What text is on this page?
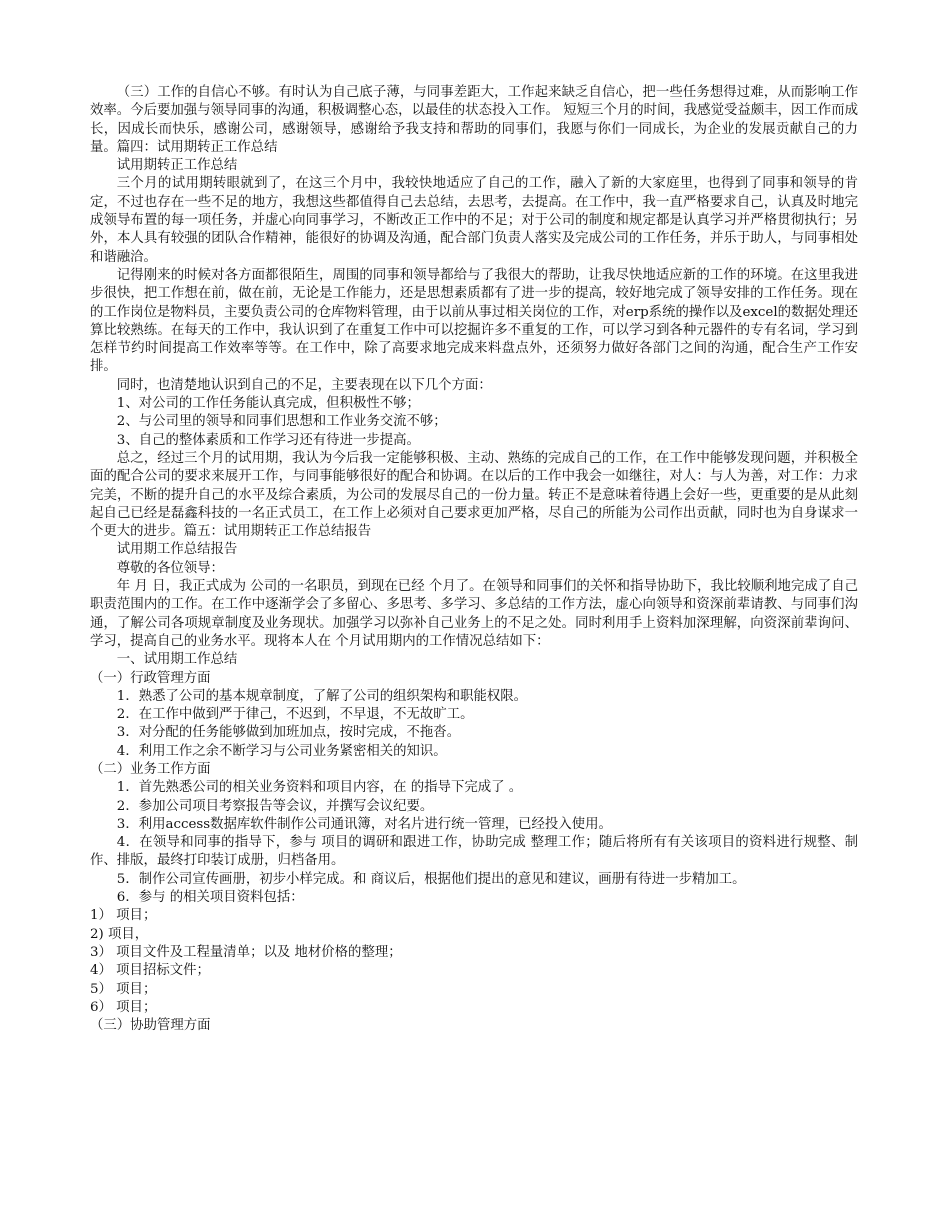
（三）工作的自信心不够。有时认为自己底子薄，与同事差距大，工作起来缺乏自信心，把一些任务想得过难，从而影响工作效率。今后要加强与领导同事的沟通，积极调整心态，以最佳的状态投入工作。 短短三个月的时间，我感觉受益颇丰，因工作而成长，因成长而快乐，感谢公司，感谢领导，感谢给予我支持和帮助的同事们，我愿与你们一同成长，为企业的发展贡献自己的力量。篇四：试用期转正工作总结

试用期转正工作总结

三个月的试用期转眼就到了，在这三个月中，我较快地适应了自己的工作，融入了新的大家庭里，也得到了同事和领导的肯定，不过也存在一些不足的地方，我想这些都值得自己去总结，去思考，去提高。在工作中，我一直严格要求自己，认真及时地完成领导布置的每一项任务，并虚心向同事学习，不断改正工作中的不足；对于公司的制度和规定都是认真学习并严格贯彻执行；另外，本人具有较强的团队合作精神，能很好的协调及沟通，配合部门负责人落实及完成公司的工作任务，并乐于助人，与同事相处和谐融洽。

记得刚来的时候对各方面都很陌生，周围的同事和领导都给与了我很大的帮助，让我尽快地适应新的工作的环境。在这里我进步很快，把工作想在前，做在前，无论是工作能力，还是思想素质都有了进一步的提高，较好地完成了领导安排的工作任务。现在的工作岗位是物料员，主要负责公司的仓库物料管理，由于以前从事过相关岗位的工作，对erp系统的操作以及excel的数据处理还算比较熟练。在每天的工作中，我认识到了在重复工作中可以挖掘许多不重复的工作，可以学习到各种元器件的专有名词，学习到怎样节约时间提高工作效率等等。在工作中，除了高要求地完成来料盘点外，还须努力做好各部门之间的沟通，配合生产工作安排。

同时，也清楚地认识到自己的不足，主要表现在以下几个方面：

1、对公司的工作任务能认真完成，但积极性不够；

2、与公司里的领导和同事们思想和工作业务交流不够；

3、自己的整体素质和工作学习还有待进一步提高。

总之，经过三个月的试用期，我认为今后我一定能够积极、主动、熟练的完成自己的工作，在工作中能够发现问题，并积极全面的配合公司的要求来展开工作，与同事能够很好的配合和协调。在以后的工作中我会一如继往，对人：与人为善，对工作：力求完美，不断的提升自己的水平及综合素质，为公司的发展尽自己的一份力量。转正不是意味着待遇上会好一些，更重要的是从此刻起自己已经是磊鑫科技的一名正式员工，在工作上必须对自己要求更加严格，尽自己的所能为公司作出贡献，同时也为自身谋求一个更大的进步。篇五：试用期转正工作总结报告

试用期工作总结报告

尊敬的各位领导：

年 月 日，我正式成为 公司的一名职员，到现在已经 个月了。在领导和同事们的关怀和指导协助下，我比较顺利地完成了自己职责范围内的工作。在工作中逐渐学会了多留心、多思考、多学习、多总结的工作方法，虚心向领导和资深前辈请教、与同事们沟通，了解公司各项规章制度及业务现状。加强学习以弥补自己业务上的不足之处。同时利用手上资料加深理解，向资深前辈询问、学习，提高自己的业务水平。现将本人在 个月试用期内的工作情况总结如下：

一、试用期工作总结

（一）行政管理方面

1．熟悉了公司的基本规章制度，了解了公司的组织架构和职能权限。

2．在工作中做到严于律己，不迟到，不早退，不无故旷工。

3．对分配的任务能够做到加班加点，按时完成，不拖沓。

4．利用工作之余不断学习与公司业务紧密相关的知识。

（二）业务工作方面

1．首先熟悉公司的相关业务资料和项目内容，在 的指导下完成了 。

2．参加公司项目考察报告等会议，并撰写会议纪要。

3．利用access数据库软件制作公司通讯簿，对名片进行统一管理，已经投入使用。

4．在领导和同事的指导下，参与 项目的调研和跟进工作，协助完成 整理工作；随后将所有有关该项目的资料进行规整、制作、排版，最终打印装订成册，归档备用。

5．制作公司宣传画册，初步小样完成。和 商议后，根据他们提出的意见和建议，画册有待进一步精加工。

6．参与 的相关项目资料包括：

1） 项目；

2) 项目，

3） 项目文件及工程量清单；以及 地材价格的整理；

4） 项目招标文件；

5） 项目；

6） 项目；

（三）协助管理方面
